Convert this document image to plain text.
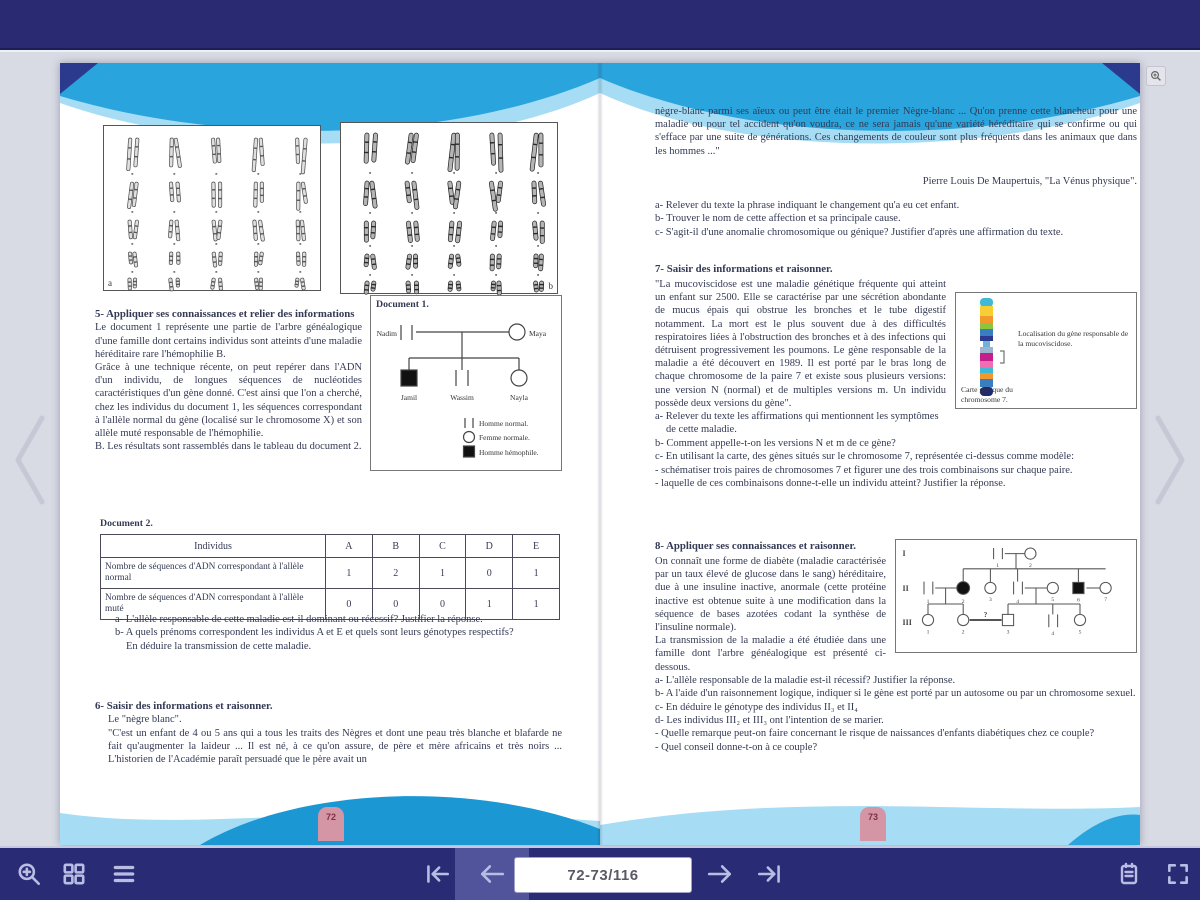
a	b
Document 1.
Nadim	Maya
Jamil	Wassim	Nayla
Homme normal.
Femme normale.
Homme hémophile.
5- Appliquer ses connaissances et relier des informations
Le document 1 représente une partie de l'arbre généalogique d'une famille dont certains individus sont atteints d'une maladie héréditaire rare l'hémophilie B.
Grâce à une technique récente, on peut repérer dans l'ADN d'un individu, de longues séquences de nucléotides caractéristiques d'un gène donné. C'est ainsi que l'on a cherché, chez les individus du document 1, les séquences correspondant à l'allèle normal du gène (localisé sur le chromosome X) et son allèle muté responsable de l'hémophilie.
B. Les résultats sont rassemblés dans le tableau du document 2.
Document 2.
Individus	A	B	C	D	E
Nombre de séquences d'ADN correspondant à l'allèle normal	1	2	1	0	1
Nombre de séquences d'ADN correspondant à l'allèle muté	0	0	0	1	1
a- L'allèle responsable de cette maladie est-il dominant ou récessif? Justifier la réponse.
b- A quels prénoms correspondent les individus A et E et quels sont leurs génotypes respectifs?
En déduire la transmission de cette maladie.
6- Saisir des informations et raisonner.
Le "nègre blanc".
"C'est un enfant de 4 ou 5 ans qui a tous les traits des Nègres et dont une peau très blanche et blafarde ne fait qu'augmenter la laideur ... Il est né, à ce qu'on assure, de père et mère africains et très noirs ... L'historien de l'Académie paraît persuadé que le père avait un
72
nègre-blanc parmi ses aïeux ou peut être était le premier Nègre-blanc ... Qu'on prenne cette blancheur pour une maladie ou pour tel accident qu'on voudra, ce ne sera jamais qu'une variété héréditaire qui se confirme ou qui s'efface par une suite de générations. Ces changements de couleur sont plus fréquents dans les animaux que dans les hommes ..."
Pierre Louis De Maupertuis, "La Vénus physique".
a- Relever du texte la phrase indiquant le changement qu'a eu cet enfant.
b- Trouver le nom de cette affection et sa principale cause.
c- S'agit-il d'une anomalie chromosomique ou génique? Justifier d'après une affirmation du texte.
7- Saisir des informations et raisonner.
Localisation du gène responsable de la mucoviscidose.
Carte génique du chromosome 7.
"La mucoviscidose est une maladie génétique fréquente qui atteint un enfant sur 2500. Elle se caractérise par une sécrétion abondante de mucus épais qui obstrue les bronches et le tube digestif notamment. La mort est le plus souvent due à des difficultés respiratoires liées à l'obstruction des bronches et à des infections qui détruisent progressivement les poumons. Le gène responsable de la maladie a été découvert en 1989. Il est porté par le bras long de chaque chromosome de la paire 7 et existe sous plusieurs versions: une version N (normal) et de multiples versions m. Un individu possède deux versions du gène".
a- Relever du texte les affirmations qui mentionnent les symptômes de cette maladie.
b- Comment appelle-t-on les versions N et m de ce gène?
c- En utilisant la carte, des gènes situés sur le chromosome 7, représentée ci-dessus comme modèle:
- schématiser trois paires de chromosomes 7 et figurer une des trois combinaisons sur chaque paire.
- laquelle de ces combinaisons donne-t-elle un individu atteint? Justifier la réponse.
8- Appliquer ses connaissances et raisonner.
I
II
III
1	2
1	2	3	4	5	6	7
1	2	3	4	5
?
On connaît une forme de diabète (maladie caractérisée par un taux élevé de glucose dans le sang) héréditaire, due à une insuline inactive, anormale (cette protéine inactive est obtenue suite à une modification dans la séquence de bases azotées codant la synthèse de l'insuline normale).
La transmission de la maladie a été étudiée dans une famille dont l'arbre généalogique est présenté ci-dessous.
a- L'allèle responsable de la maladie est-il récessif? Justifier la réponse.
b- A l'aide d'un raisonnement logique, indiquer si le gène est porté par un autosome ou par un chromosome sexuel.
c- En déduire le génotype des individus II₃ et II₄
d- Les individus III₂ et III₃ ont l'intention de se marier.
- Quelle remarque peut-on faire concernant le risque de naissances d'enfants diabétiques chez ce couple?
- Quel conseil donne-t-on à ce couple?
73
72-73/116
